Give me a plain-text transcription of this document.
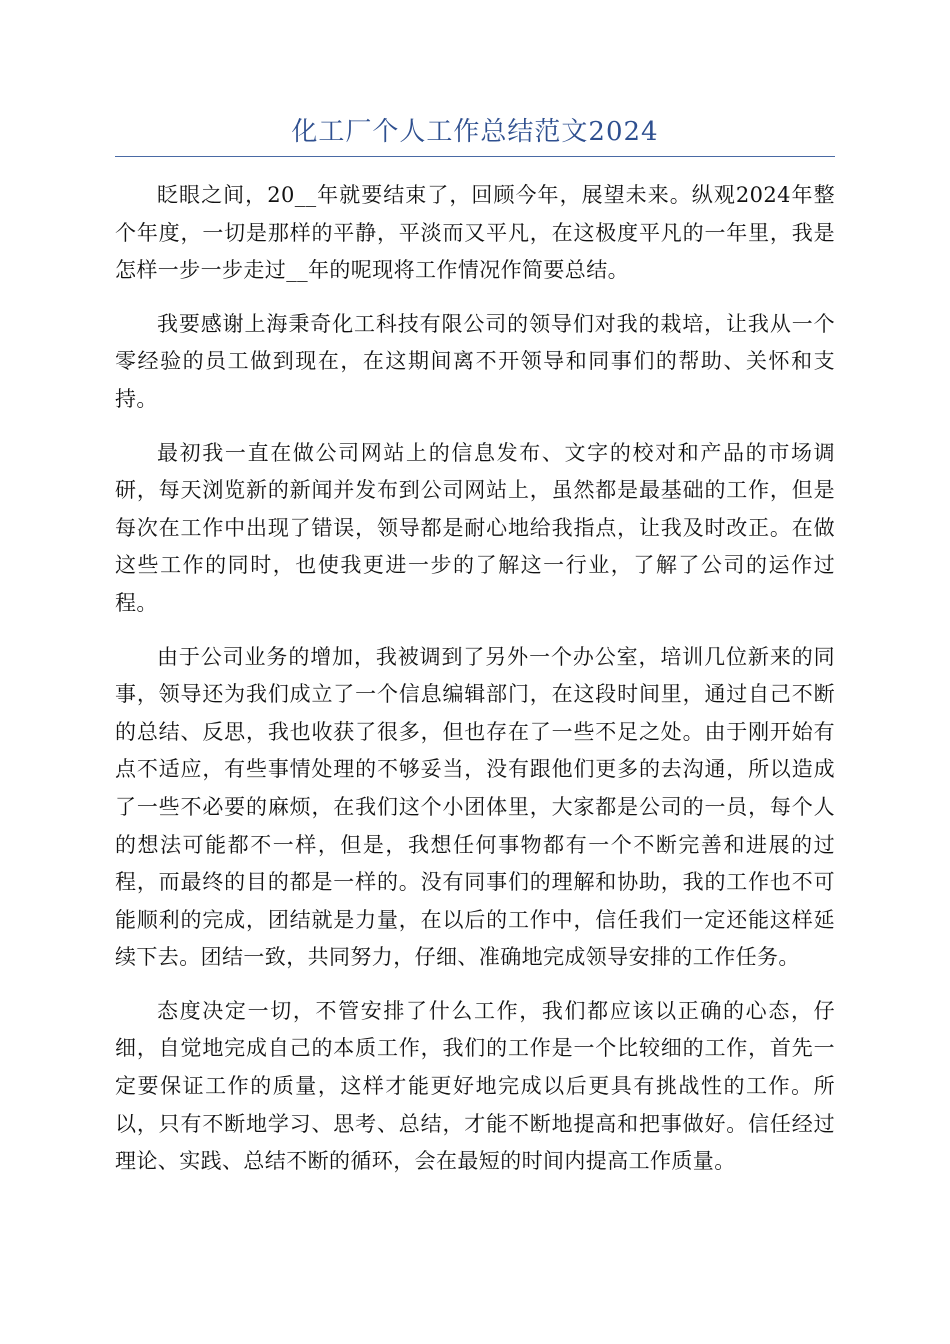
化工厂个人工作总结范文2024

眨眼之间，20__年就要结束了，回顾今年，展望未来。纵观2024年整个年度，一切是那样的平静，平淡而又平凡，在这极度平凡的一年里，我是怎样一步一步走过__年的呢现将工作情况作简要总结。

我要感谢上海秉奇化工科技有限公司的领导们对我的栽培，让我从一个零经验的员工做到现在，在这期间离不开领导和同事们的帮助、关怀和支持。

最初我一直在做公司网站上的信息发布、文字的校对和产品的市场调研，每天浏览新的新闻并发布到公司网站上，虽然都是最基础的工作，但是每次在工作中出现了错误，领导都是耐心地给我指点，让我及时改正。在做这些工作的同时，也使我更进一步的了解这一行业，了解了公司的运作过程。

由于公司业务的增加，我被调到了另外一个办公室，培训几位新来的同事，领导还为我们成立了一个信息编辑部门，在这段时间里，通过自己不断的总结、反思，我也收获了很多，但也存在了一些不足之处。由于刚开始有点不适应，有些事情处理的不够妥当，没有跟他们更多的去沟通，所以造成了一些不必要的麻烦，在我们这个小团体里，大家都是公司的一员，每个人的想法可能都不一样，但是，我想任何事物都有一个不断完善和进展的过程，而最终的目的都是一样的。没有同事们的理解和协助，我的工作也不可能顺利的完成，团结就是力量，在以后的工作中，信任我们一定还能这样延续下去。团结一致，共同努力，仔细、准确地完成领导安排的工作任务。

态度决定一切，不管安排了什么工作，我们都应该以正确的心态，仔细，自觉地完成自己的本质工作，我们的工作是一个比较细的工作，首先一定要保证工作的质量，这样才能更好地完成以后更具有挑战性的工作。所以，只有不断地学习、思考、总结，才能不断地提高和把事做好。信任经过理论、实践、总结不断的循环，会在最短的时间内提高工作质量。
